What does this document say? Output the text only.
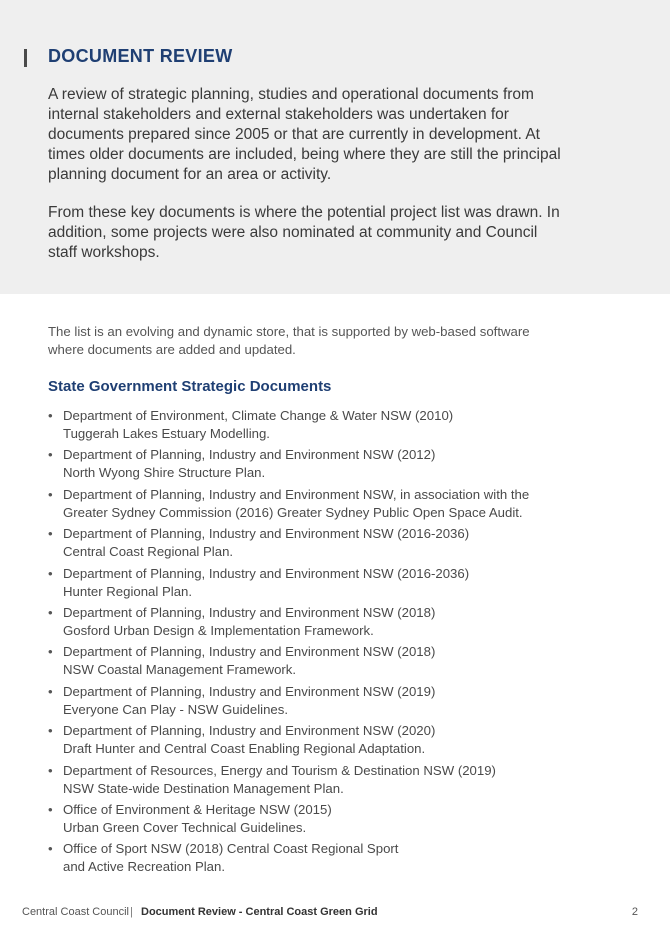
DOCUMENT REVIEW

A review of strategic planning, studies and operational documents from internal stakeholders and external stakeholders was undertaken for documents prepared since 2005 or that are currently in development. At times older documents are included, being where they are still the principal planning document for an area or activity.

From these key documents is where the potential project list was drawn. In addition, some projects were also nominated at community and Council staff workshops.

The list is an evolving and dynamic store, that is supported by web-based software where documents are added and updated.

State Government Strategic Documents
• Department of Environment, Climate Change & Water NSW (2010)
Tuggerah Lakes Estuary Modelling.
• Department of Planning, Industry and Environment NSW (2012)
North Wyong Shire Structure Plan.
• Department of Planning, Industry and Environment NSW, in association with the
Greater Sydney Commission (2016) Greater Sydney Public Open Space Audit.
• Department of Planning, Industry and Environment NSW (2016-2036)
Central Coast Regional Plan.
• Department of Planning, Industry and Environment NSW (2016-2036)
Hunter Regional Plan.
• Department of Planning, Industry and Environment NSW (2018)
Gosford Urban Design & Implementation Framework.
• Department of Planning, Industry and Environment NSW (2018)
NSW Coastal Management Framework.
• Department of Planning, Industry and Environment NSW (2019)
Everyone Can Play - NSW Guidelines.
• Department of Planning, Industry and Environment NSW (2020)
Draft Hunter and Central Coast Enabling Regional Adaptation.
• Department of Resources, Energy and Tourism & Destination NSW (2019)
NSW State-wide Destination Management Plan.
• Office of Environment & Heritage NSW (2015)
Urban Green Cover Technical Guidelines.
• Office of Sport NSW (2018) Central Coast Regional Sport
and Active Recreation Plan.
Central Coast Council | Document Review - Central Coast Green Grid	2
